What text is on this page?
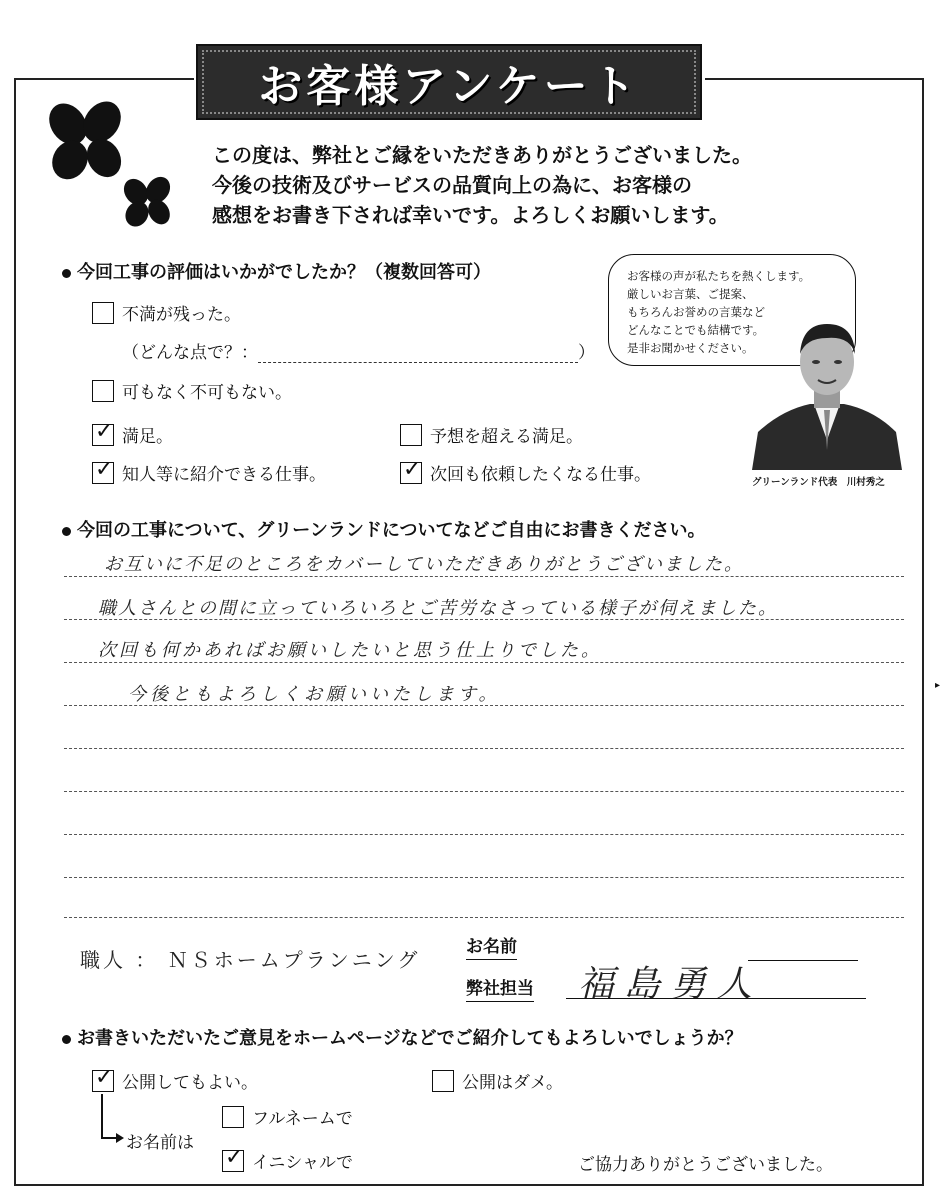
お客様アンケート
この度は、弊社とご縁をいただきありがとうございました。
今後の技術及びサービスの品質向上の為に、お客様の
感想をお書き下されば幸いです。よろしくお願いします。
今回工事の評価はいかがでしたか？（複数回答可）
不満が残った。
（どんな点で？：	）
可もなく不可もない。
✓ 満足。	予想を超える満足。
✓ 知人等に紹介できる仕事。	✓ 次回も依頼したくなる仕事。
お客様の声が私たちを熱くします。
厳しいお言葉、ご提案、
もちろんお誉めの言葉など
どんなことでも結構です。
是非お聞かせください。
グリーンランド代表　川村秀之
今回の工事について、グリーンランドについてなどご自由にお書きください。
お互いに不足のところをカバーしていただきありがとうございました。
職人さんとの間に立っていろいろとご苦労なさっている様子が伺えました。
次回も何かあればお願いしたいと思う仕上りでした。
今後ともよろしくお願いいたします。
職人 ： ＮＳホームプランニング
お名前
弊社担当 福島勇人
お書きいただいたご意見をホームページなどでご紹介してもよろしいでしょうか？
✓ 公開してもよい。	公開はダメ。
お名前は
フルネームで
✓ イニシャルで	ご協力ありがとうございました。
▸
